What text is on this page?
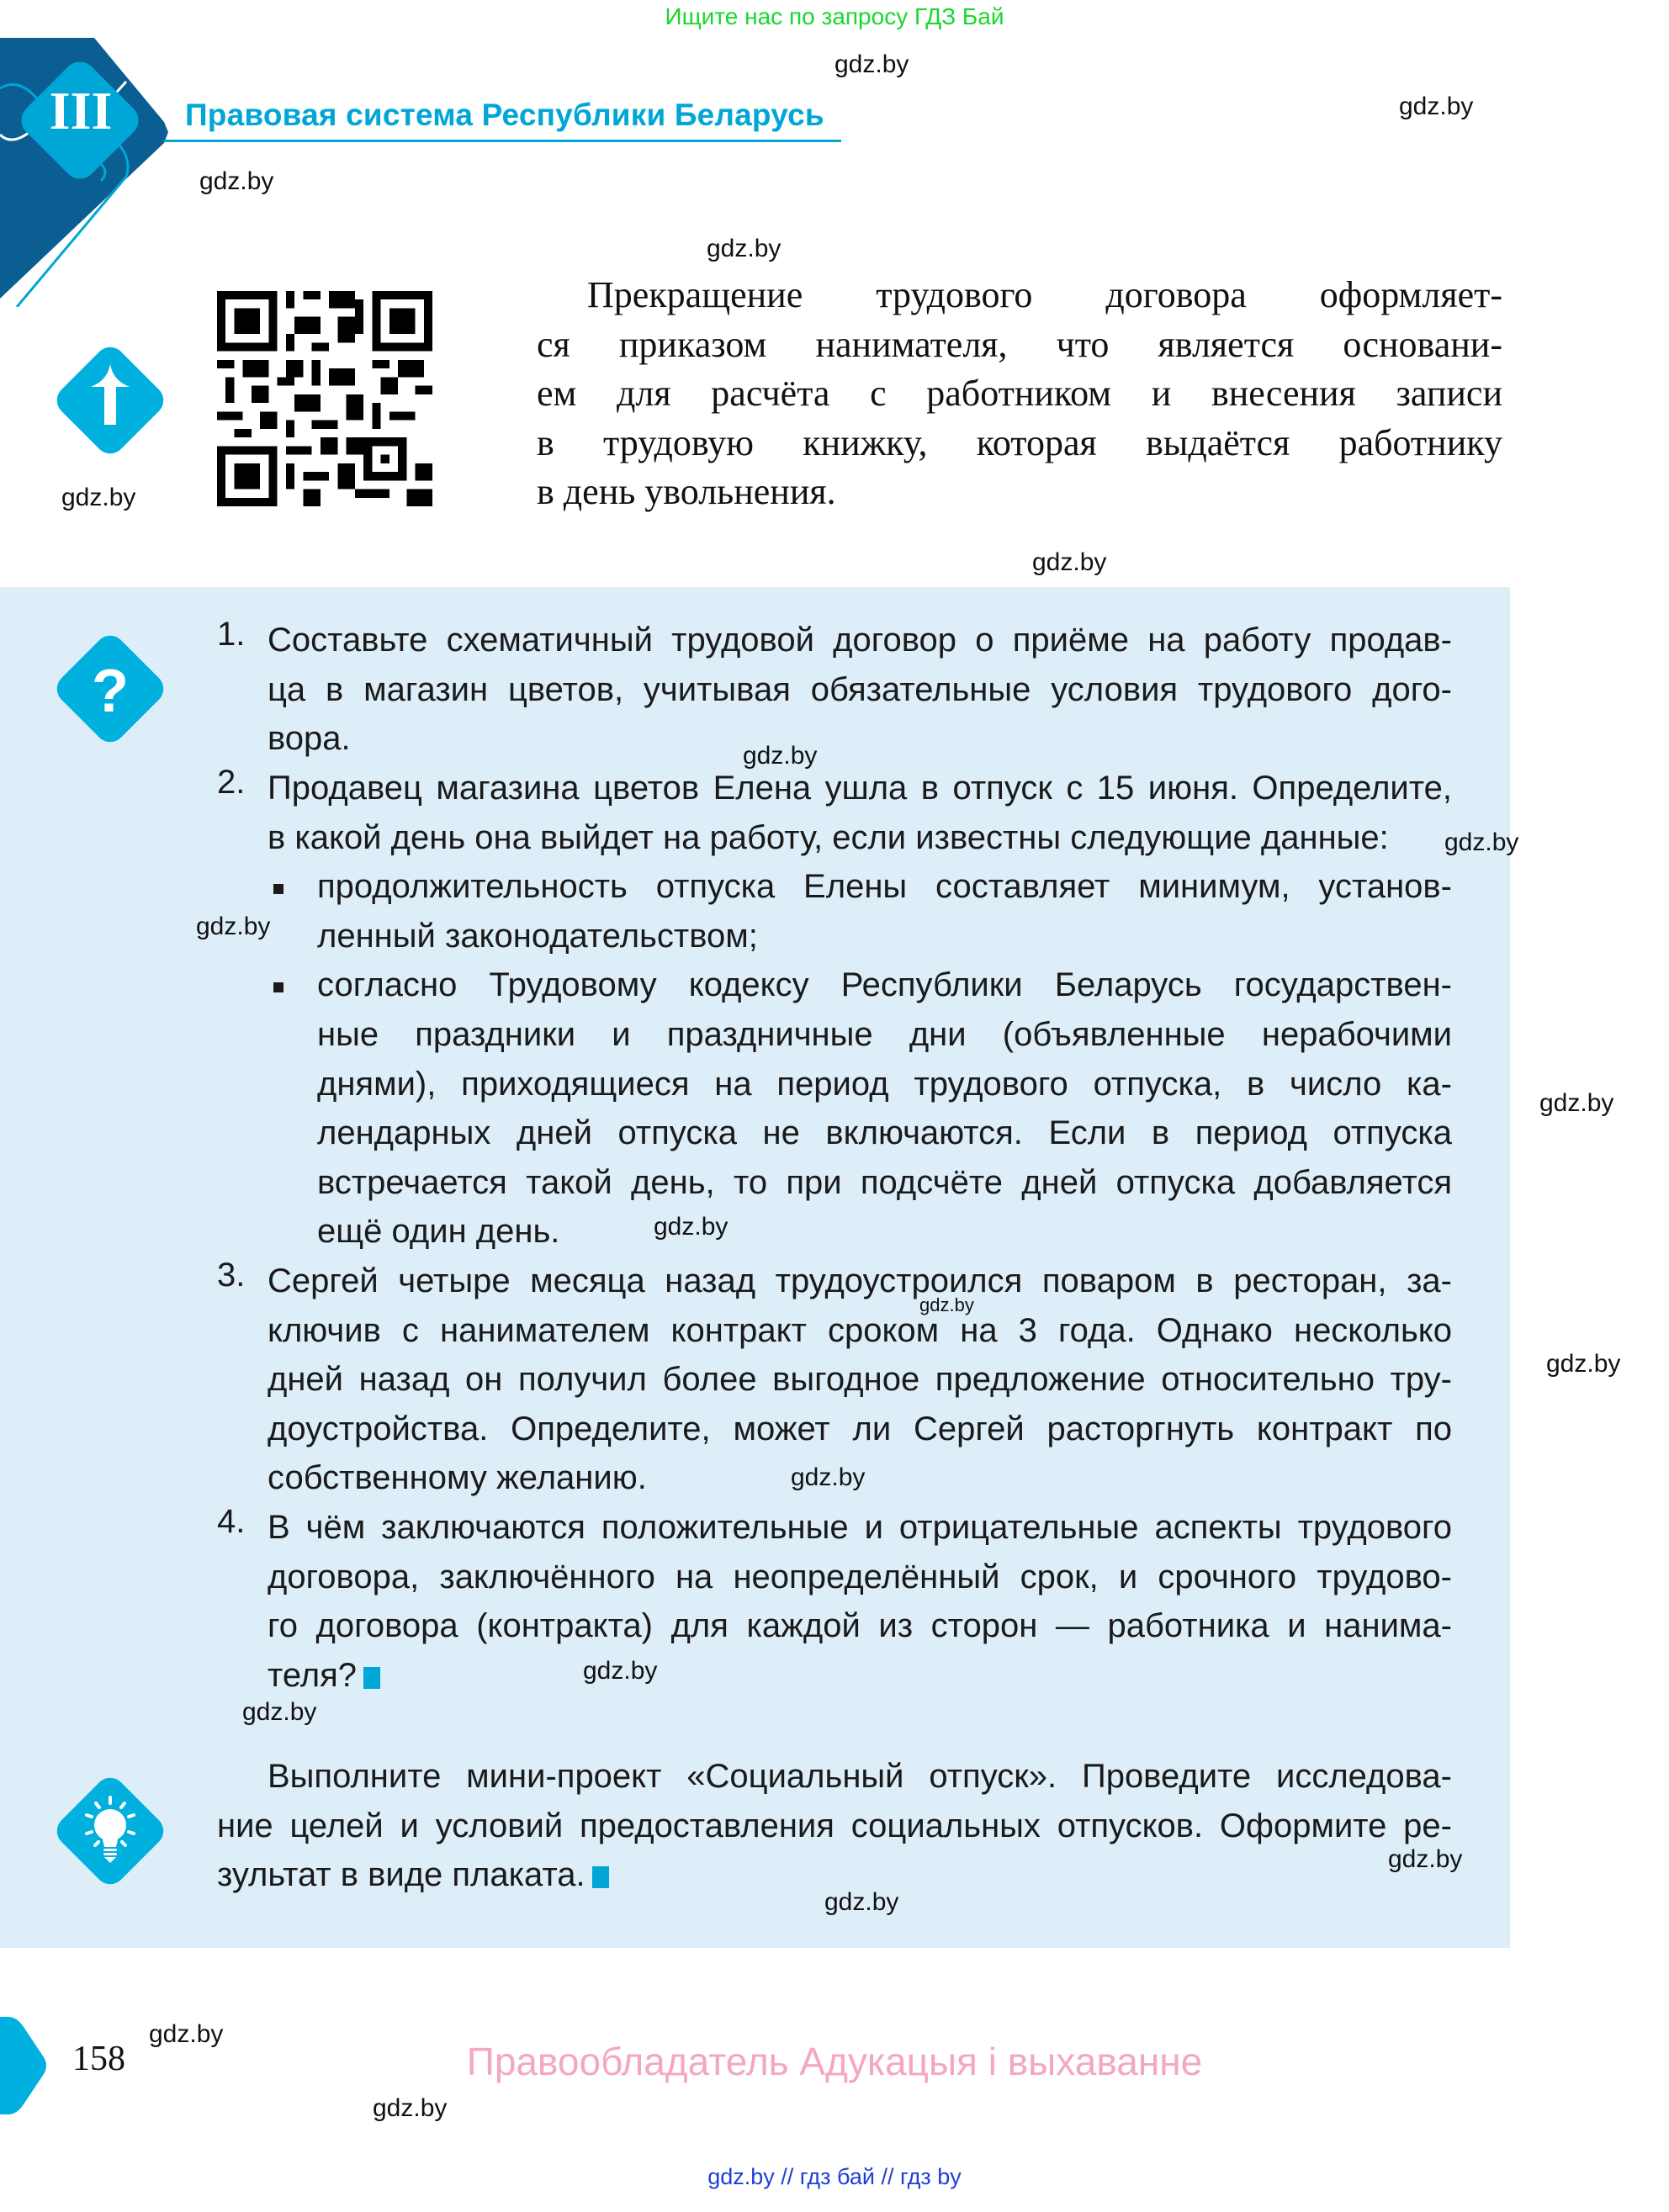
Ищите нас по запросу ГДЗ Бай
III Правовая система Республики Беларусь
Прекращение трудового договора оформляет-
ся приказом нанимателя, что является основани-
ем для расчёта с работником и внесения записи
в трудовую книжку, которая выдаётся работнику
в день увольнения.
?
1. Составьте схематичный трудовой договор о приёме на работу продав-
ца в магазин цветов, учитывая обязательные условия трудового дого-
вора.
2. Продавец магазина цветов Елена ушла в отпуск с 15 июня. Определите,
в какой день она выйдет на работу, если известны следующие данные:
продолжительность отпуска Елены составляет минимум, установ-
ленный законодательством;
согласно Трудовому кодексу Республики Беларусь государствен-
ные праздники и праздничные дни (объявленные нерабочими
днями), приходящиеся на период трудового отпуска, в число ка-
лендарных дней отпуска не включаются. Если в период отпуска
встречается такой день, то при подсчёте дней отпуска добавляется
ещё один день.
3. Сергей четыре месяца назад трудоустроился поваром в ресторан, за-
ключив с нанимателем контракт сроком на 3 года. Однако несколько
дней назад он получил более выгодное предложение относительно тру-
доустройства. Определите, может ли Сергей расторгнуть контракт по
собственному желанию.
4. В чём заключаются положительные и отрицательные аспекты трудового
договора, заключённого на неопределённый срок, и срочного трудово-
го договора (контракта) для каждой из сторон — работника и нанима-
теля?
Выполните мини-проект «Социальный отпуск». Проведите исследова-
ние целей и условий предоставления социальных отпусков. Оформите ре-
зультат в виде плаката.
158	Правообладатель Адукацыя і выхаванне
gdz.by // гдз бай // гдз by
gdz.by
gdz.by
gdz.by
gdz.by
gdz.by
gdz.by
gdz.by
gdz.by
gdz.by
gdz.by
gdz.by
gdz.by
gdz.by
gdz.by
gdz.by
gdz.by
gdz.by
gdz.by
gdz.by
gdz.by
